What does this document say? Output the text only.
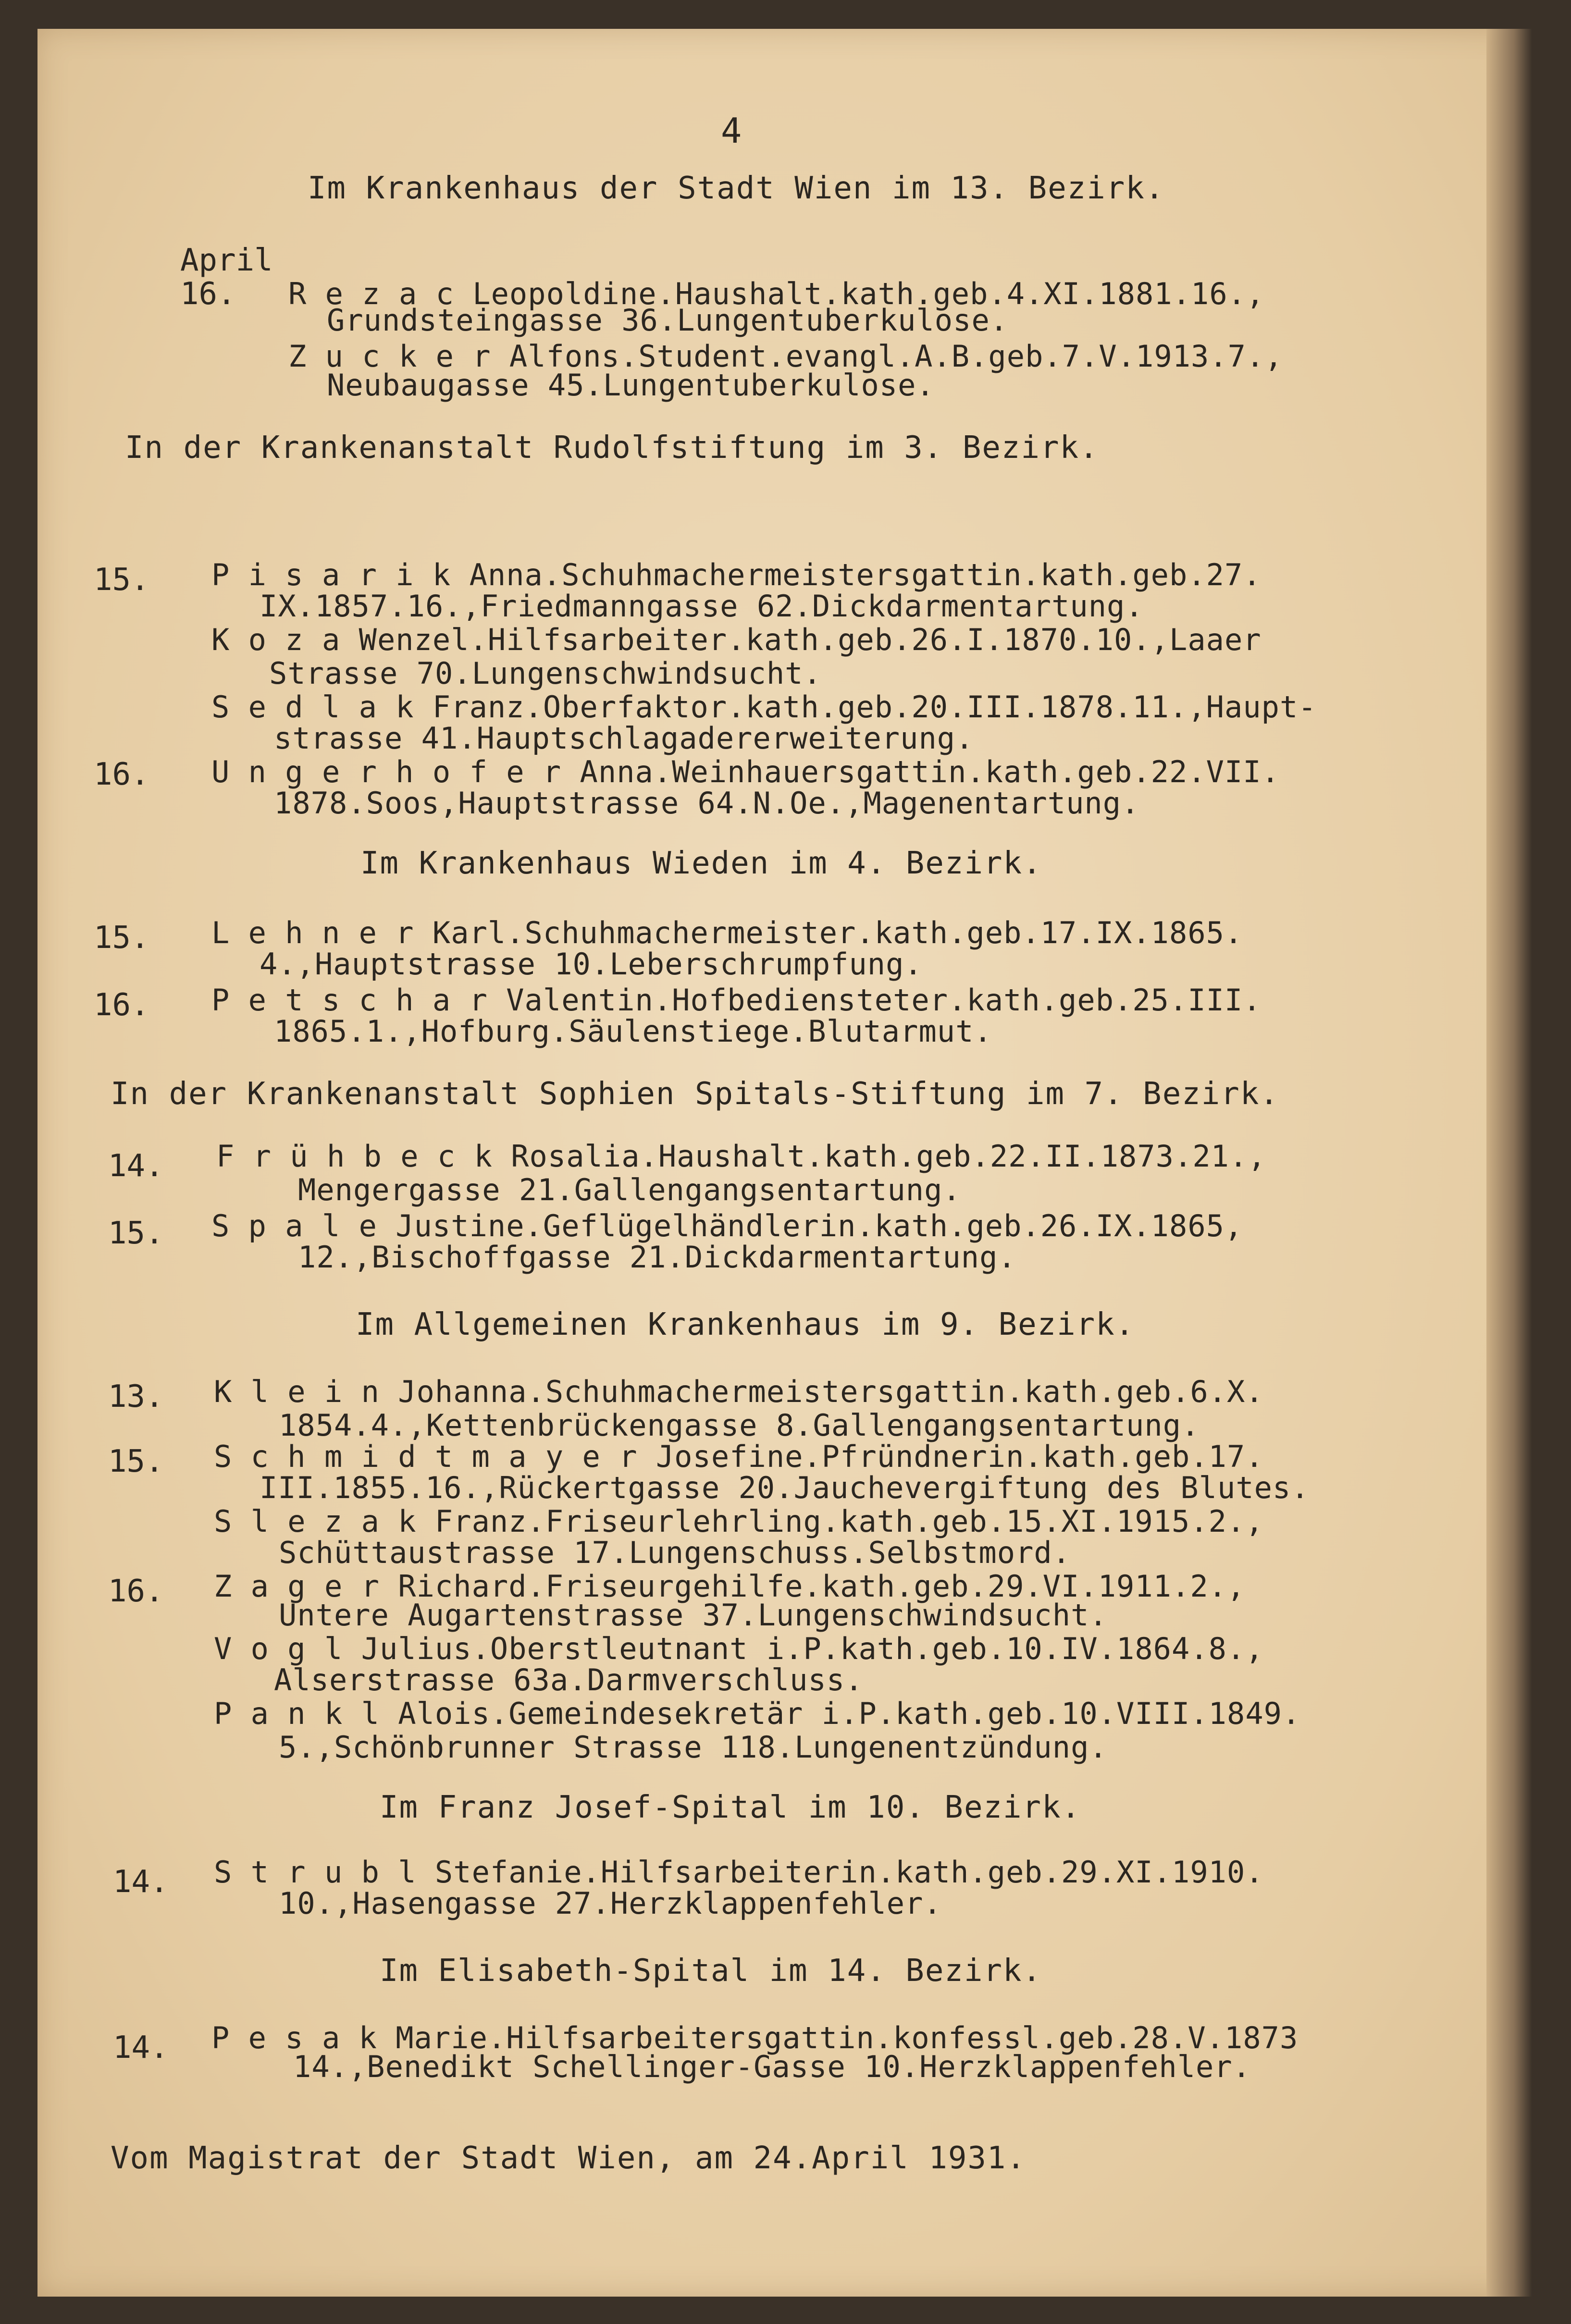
4
Im Krankenhaus der Stadt Wien im 13. Bezirk.
April
16. R e z a c Leopoldine.Haushalt.kath.geb.4.XI.1881.16.,
Grundsteingasse 36.Lungentuberkulose.
Z u c k e r Alfons.Student.evangl.A.B.geb.7.V.1913.7.,
Neubaugasse 45.Lungentuberkulose.
In der Krankenanstalt Rudolfstiftung im 3. Bezirk.
15. P i s a r i k Anna.Schuhmachermeistersgattin.kath.geb.27.
IX.1857.16.,Friedmanngasse 62.Dickdarmentartung.
K o z a Wenzel.Hilfsarbeiter.kath.geb.26.I.1870.10.,Laaer
Strasse 70.Lungenschwindsucht.
S e d l a k Franz.Oberfaktor.kath.geb.20.III.1878.11.,Haupt-
strasse 41.Hauptschlagadererweiterung.
16. U n g e r h o f e r Anna.Weinhauersgattin.kath.geb.22.VII.
1878.Soos,Hauptstrasse 64.N.Oe.,Magenentartung.
Im Krankenhaus Wieden im 4. Bezirk.
15. L e h n e r Karl.Schuhmachermeister.kath.geb.17.IX.1865.
4.,Hauptstrasse 10.Leberschrumpfung.
16. P e t s c h a r Valentin.Hofbediensteter.kath.geb.25.III.
1865.1.,Hofburg.Säulenstiege.Blutarmut.
In der Krankenanstalt Sophien Spitals-Stiftung im 7. Bezirk.
14. F r ü h b e c k Rosalia.Haushalt.kath.geb.22.II.1873.21.,
Mengergasse 21.Gallengangsentartung.
15. S p a l e Justine.Geflügelhändlerin.kath.geb.26.IX.1865,
12.,Bischoffgasse 21.Dickdarmentartung.
Im Allgemeinen Krankenhaus im 9. Bezirk.
13. K l e i n Johanna.Schuhmachermeistersgattin.kath.geb.6.X.
1854.4.,Kettenbrückengasse 8.Gallengangsentartung.
15. S c h m i d t m a y e r Josefine.Pfründnerin.kath.geb.17.
III.1855.16.,Rückertgasse 20.Jauchevergiftung des Blutes.
S l e z a k Franz.Friseurlehrling.kath.geb.15.XI.1915.2.,
Schüttaustrasse 17.Lungenschuss.Selbstmord.
16. Z a g e r Richard.Friseurgehilfe.kath.geb.29.VI.1911.2.,
Untere Augartenstrasse 37.Lungenschwindsucht.
V o g l Julius.Oberstleutnant i.P.kath.geb.10.IV.1864.8.,
Alserstrasse 63a.Darmverschluss.
P a n k l Alois.Gemeindesekretär i.P.kath.geb.10.VIII.1849.
5.,Schönbrunner Strasse 118.Lungenentzündung.
Im Franz Josef-Spital im 10. Bezirk.
14. S t r u b l Stefanie.Hilfsarbeiterin.kath.geb.29.XI.1910.
10.,Hasengasse 27.Herzklappenfehler.
Im Elisabeth-Spital im 14. Bezirk.
14. P e s a k Marie.Hilfsarbeitersgattin.konfessl.geb.28.V.1873
14.,Benedikt Schellinger-Gasse 10.Herzklappenfehler.
Vom Magistrat der Stadt Wien, am 24.April 1931.
